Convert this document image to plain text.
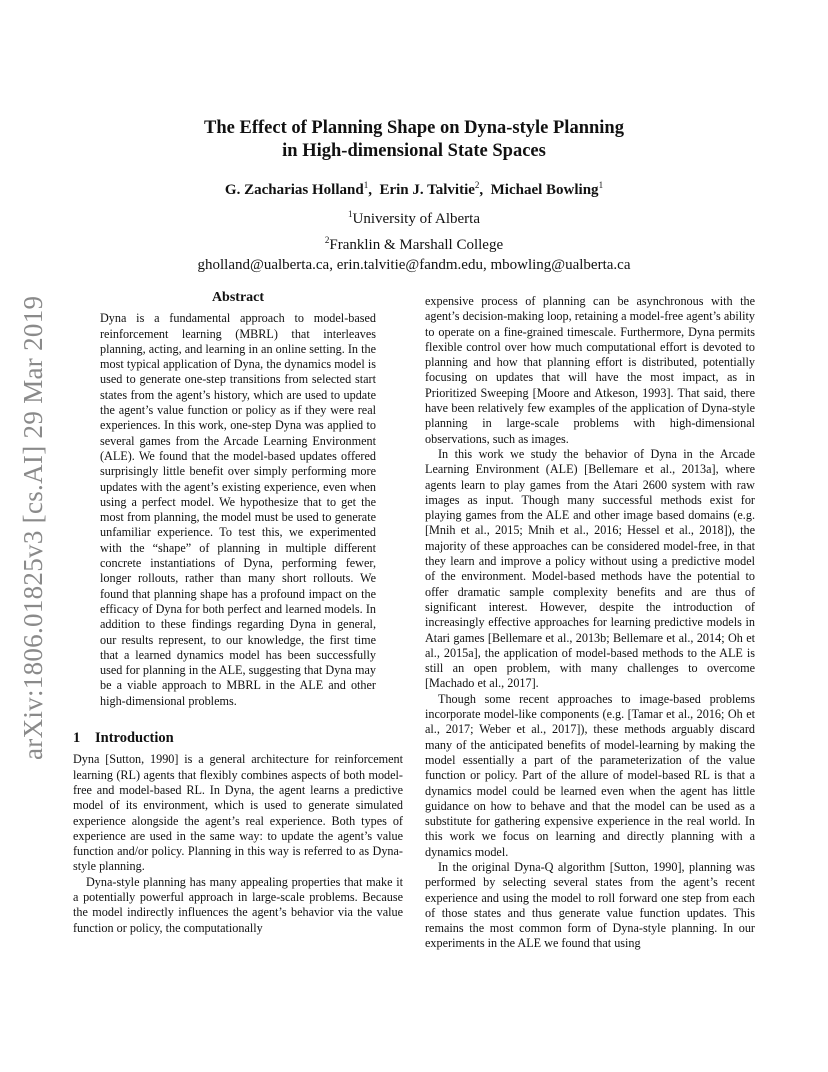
arXiv:1806.01825v3 [cs.AI] 29 Mar 2019
The Effect of Planning Shape on Dyna-style Planning
in High-dimensional State Spaces
G. Zacharias Holland$^1$,  Erin J. Talvitie$^2$,  Michael Bowling$^1$
$^1$University of Alberta
$^2$Franklin & Marshall College
gholland@ualberta.ca, erin.talvitie@fandm.edu, mbowling@ualberta.ca
Abstract

Dyna is a fundamental approach to model-based reinforcement learning (MBRL) that interleaves planning, acting, and learning in an online setting. In the most typical application of Dyna, the dynamics model is used to generate one-step transitions from selected start states from the agent’s history, which are used to update the agent’s value function or policy as if they were real experiences. In this work, one-step Dyna was applied to several games from the Arcade Learning Environment (ALE). We found that the model-based updates offered surprisingly little benefit over simply performing more updates with the agent’s existing experience, even when using a perfect model. We hypothesize that to get the most from planning, the model must be used to generate unfamiliar experience. To test this, we experimented with the “shape” of planning in multiple different concrete instantiations of Dyna, performing fewer, longer rollouts, rather than many short rollouts. We found that planning shape has a profound impact on the efficacy of Dyna for both perfect and learned models. In addition to these findings regarding Dyna in general, our results represent, to our knowledge, the first time that a learned dynamics model has been successfully used for planning in the ALE, suggesting that Dyna may be a viable approach to MBRL in the ALE and other high-dimensional problems.

1 Introduction

Dyna [Sutton, 1990] is a general architecture for reinforcement learning (RL) agents that flexibly combines aspects of both model-free and model-based RL. In Dyna, the agent learns a predictive model of its environment, which is used to generate simulated experience alongside the agent’s real experience. Both types of experience are used in the same way: to update the agent’s value function and/or policy. Planning in this way is referred to as Dyna-style planning.

Dyna-style planning has many appealing properties that make it a potentially powerful approach in large-scale problems. Because the model indirectly influences the agent’s behavior via the value function or policy, the computationally

expensive process of planning can be asynchronous with the agent’s decision-making loop, retaining a model-free agent’s ability to operate on a fine-grained timescale. Furthermore, Dyna permits flexible control over how much computational effort is devoted to planning and how that planning effort is distributed, potentially focusing on updates that will have the most impact, as in Prioritized Sweeping [Moore and Atkeson, 1993]. That said, there have been relatively few examples of the application of Dyna-style planning in large-scale problems with high-dimensional observations, such as images.

In this work we study the behavior of Dyna in the Arcade Learning Environment (ALE) [Bellemare et al., 2013a], where agents learn to play games from the Atari 2600 system with raw images as input. Though many successful methods exist for playing games from the ALE and other image based domains (e.g. [Mnih et al., 2015; Mnih et al., 2016; Hessel et al., 2018]), the majority of these approaches can be considered model-free, in that they learn and improve a policy without using a predictive model of the environment. Model-based methods have the potential to offer dramatic sample complexity benefits and are thus of significant interest. However, despite the introduction of increasingly effective approaches for learning predictive models in Atari games [Bellemare et al., 2013b; Bellemare et al., 2014; Oh et al., 2015a], the application of model-based methods to the ALE is still an open problem, with many challenges to overcome [Machado et al., 2017].

Though some recent approaches to image-based problems incorporate model-like components (e.g. [Tamar et al., 2016; Oh et al., 2017; Weber et al., 2017]), these methods arguably discard many of the anticipated benefits of model-learning by making the model essentially a part of the parameterization of the value function or policy. Part of the allure of model-based RL is that a dynamics model could be learned even when the agent has little guidance on how to behave and that the model can be used as a substitute for gathering expensive experience in the real world. In this work we focus on learning and directly planning with a dynamics model.

In the original Dyna-Q algorithm [Sutton, 1990], planning was performed by selecting several states from the agent’s recent experience and using the model to roll forward one step from each of those states and thus generate value function updates. This remains the most common form of Dyna-style planning. In our experiments in the ALE we found that using
